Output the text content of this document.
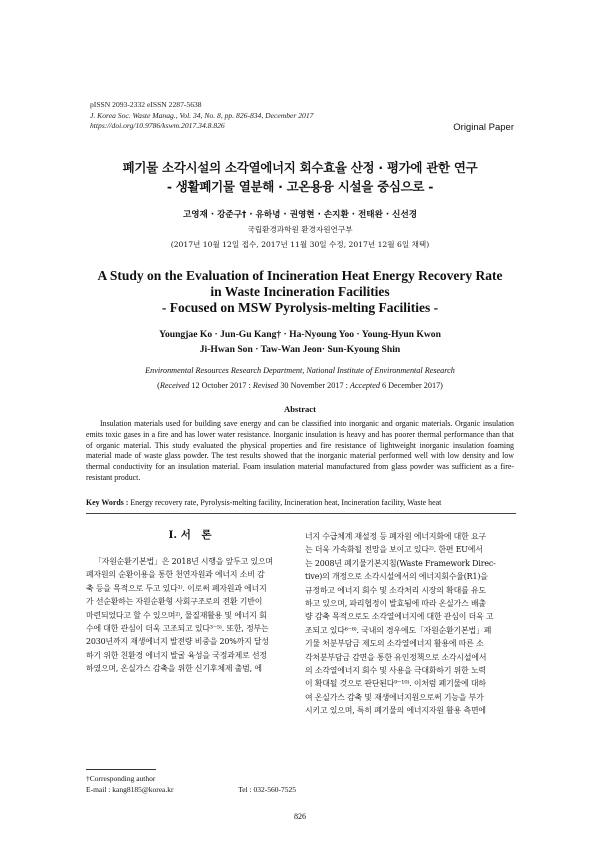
pISSN 2093-2332 eISSN 2287-5638
J. Korea Soc. Waste Manag., Vol. 34, No. 8, pp. 826-834, December 2017
https://doi.org/10.9786/kswm.2017.34.8.826	Original Paper
폐기물 소각시설의 소각열에너지 회수효율 산정 · 평가에 관한 연구
- 생활폐기물 열분해 · 고온용융 시설을 중심으로 -
고영재 · 강준구† · 유하녕 · 권영현 · 손지환 · 전태완 · 신선경
국립환경과학원 환경자원연구부
(2017년 10월 12일 접수, 2017년 11월 30일 수정, 2017년 12월 6일 채택)
A Study on the Evaluation of Incineration Heat Energy Recovery Rate
in Waste Incineration Facilities
- Focused on MSW Pyrolysis-melting Facilities -
Youngjae Ko · Jun-Gu Kang† · Ha-Nyoung Yoo · Young-Hyun Kwon
Ji-Hwan Son · Taw-Wan Jeon· Sun-Kyoung Shin
Environmental Resources Research Department, National Institute of Environmental Research
(Received 12 October 2017 : Revised 30 November 2017 : Accepted 6 December 2017)
Abstract
Insulation materials used for building save energy and can be classified into inorganic and organic materials. Organic insulation emits toxic gases in a fire and has lower water resistance. Inorganic insulation is heavy and has poorer thermal performance than that of organic material. This study evaluated the physical properties and fire resistance of lightweight inorganic insulation foaming material made of waste glass powder. The test results showed that the inorganic material performed well with low density and low thermal conductivity for an insulation material. Foam insulation material manufactured from glass powder was sufficient as a fire-resistant product.
Key Words : Energy recovery rate, Pyrolysis-melting facility, Incineration heat, Incineration facility, Waste heat
I. 서　론
「자원순환기본법」은 2018년 시행을 앞두고 있으며
폐자원의 순환이용을 통한 천연자원과 에너지 소비 감
축 등을 목적으로 두고 있다¹⁾. 이로써 폐자원과 에너지
가 선순환하는 자원순환형 사회구조로의 전환 기반이
마련되었다고 할 수 있으며²⁾, 물질재활용 및 에너지 회
수에 대한 관심이 더욱 고조되고 있다³⁻⁵⁾. 또한, 정부는
2030년까지 재생에너지 발전량 비중을 20%까지 달성
하기 위한 친환경 에너지 발굴 육성을 국정과제로 선정
하였으며, 온실가스 감축을 위한 신기후체제 출범, 에
너지 수급체계 재설정 등 폐자원 에너지화에 대한 요구
는 더욱 가속화될 전망을 보이고 있다²⁾. 한편 EU에서
는 2008년 폐기물기본지침(Waste Framework Direc-
tive)의 개정으로 소각시설에서의 에너지회수율(R1)을
규정하고 에너지 회수 및 소각처리 시장의 확대를 유도
하고 있으며, 파리협정이 발효됨에 따라 온실가스 배출
량 감축 목적으로도 소각열에너지에 대한 관심이 더욱 고
조되고 있다⁶⁻⁸⁾. 국내의 경우에도「자원순환기본법」폐
기물 처분부담금 제도의 소각열에너지 활용에 따른 소
각처분부담금 감면을 통한 유인정책으로 소각시설에서
의 소각열에너지 회수 및 사용을 극대화하기 위한 노력
이 확대될 것으로 판단된다⁹⁻¹⁰⁾. 이처럼 폐기물에 대하
여 온실가스 감축 및 재생에너지원으로써 기능을 부가
시키고 있으며, 특히 폐기물의 에너지자원 활용 측면에
†Corresponding author
E-mail : kang8185@korea.kr	Tel : 032-560-7525
826
